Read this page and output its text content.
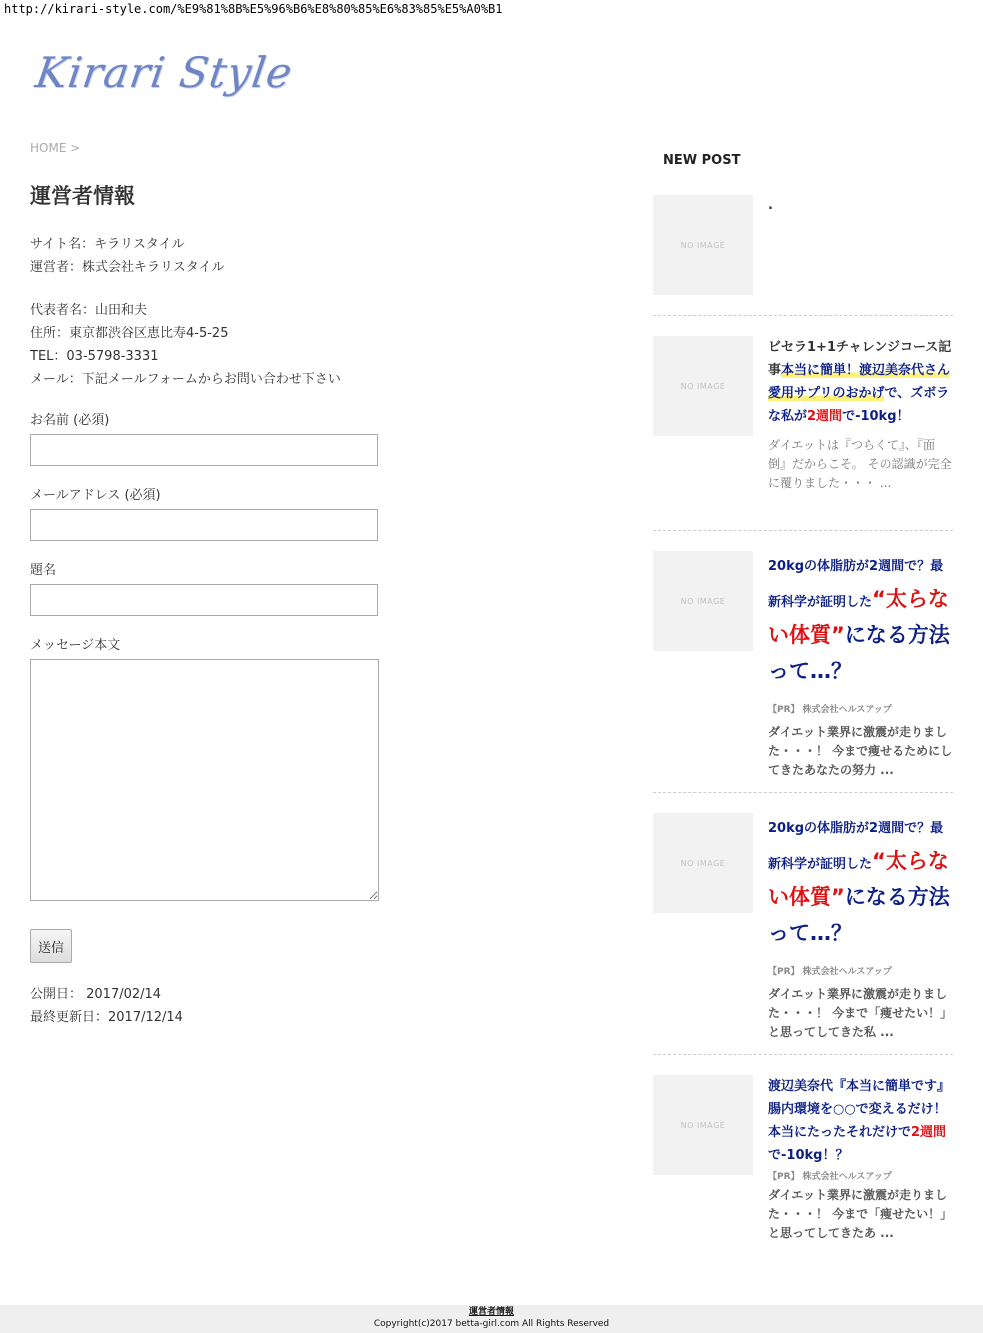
http://kirari-style.com/%E9%81%8B%E5%96%B6%E8%80%85%E6%83%85%E5%A0%B1
Kirari Style
HOME >
運営者情報
サイト名：キラリスタイル
運営者：株式会社キラリスタイル
代表者名：山田和夫
住所：東京都渋谷区恵比寿4-5-25
TEL：03-5798-3331
メール：下記メールフォームからお問い合わせ下さい
お名前 (必須)
メールアドレス (必須)
題名
メッセージ本文
送信
公開日： 2017/02/14
最終更新日：2017/12/14
NEW POST
NO IMAGE
.
NO IMAGE
ビセラ1+1チャレンジコース記事本当に簡単！渡辺美奈代さん愛用サプリのおかげで、ズボラな私が2週間で-10kg！
ダイエットは『つらくて』、『面倒』だからこそ。 その認識が完全に覆りました・・・ ...
NO IMAGE
20kgの体脂肪が2週間で？最新科学が証明した“太らない体質”になる方法って…？
【PR】 株式会社ヘルスアップ
ダイエット業界に激震が走りました・・・！ 今まで痩せるためにしてきたあなたの努力 ...
NO IMAGE
20kgの体脂肪が2週間で？最新科学が証明した“太らない体質”になる方法って…？
【PR】 株式会社ヘルスアップ
ダイエット業界に激震が走りました・・・！ 今まで「痩せたい！」と思ってしてきた私 ...
NO IMAGE
渡辺美奈代『本当に簡単です』腸内環境を○○で変えるだけ！本当にたったそれだけで2週間で-10kg！？
【PR】 株式会社ヘルスアップ
ダイエット業界に激震が走りました・・・！ 今まで「痩せたい！」と思ってしてきたあ ...
運営者情報
Copyright(c)2017 betta-girl.com All Rights Reserved
